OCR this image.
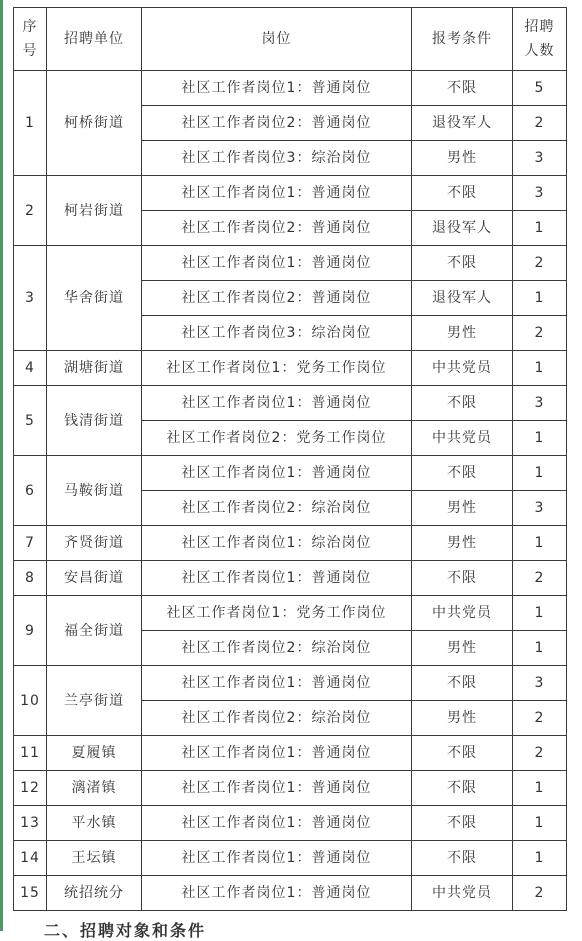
序
号	招聘单位	岗位	报考条件	招聘
人数

1	柯桥街道	社区工作者岗位1：普通岗位	不限	5
		社区工作者岗位2：普通岗位	退役军人	2
		社区工作者岗位3：综治岗位	男性	3
2	柯岩街道	社区工作者岗位1：普通岗位	不限	3
		社区工作者岗位2：普通岗位	退役军人	1
3	华舍街道	社区工作者岗位1：普通岗位	不限	2
		社区工作者岗位2：普通岗位	退役军人	1
		社区工作者岗位3：综治岗位	男性	2
4	湖塘街道	社区工作者岗位1：党务工作岗位	中共党员	1
5	钱清街道	社区工作者岗位1：普通岗位	不限	3
		社区工作者岗位2：党务工作岗位	中共党员	1
6	马鞍街道	社区工作者岗位1：普通岗位	不限	1
		社区工作者岗位2：综治岗位	男性	3
7	齐贤街道	社区工作者岗位1：综治岗位	男性	1
8	安昌街道	社区工作者岗位1：普通岗位	不限	2
9	福全街道	社区工作者岗位1：党务工作岗位	中共党员	1
		社区工作者岗位2：综治岗位	男性	1
10	兰亭街道	社区工作者岗位1：普通岗位	不限	3
		社区工作者岗位2：综治岗位	男性	2
11	夏履镇	社区工作者岗位1：普通岗位	不限	2
12	漓渚镇	社区工作者岗位1：普通岗位	不限	1
13	平水镇	社区工作者岗位1：普通岗位	不限	1
14	王坛镇	社区工作者岗位1：普通岗位	不限	1
15	统招统分	社区工作者岗位1：普通岗位	中共党员	2
二、招聘对象和条件
